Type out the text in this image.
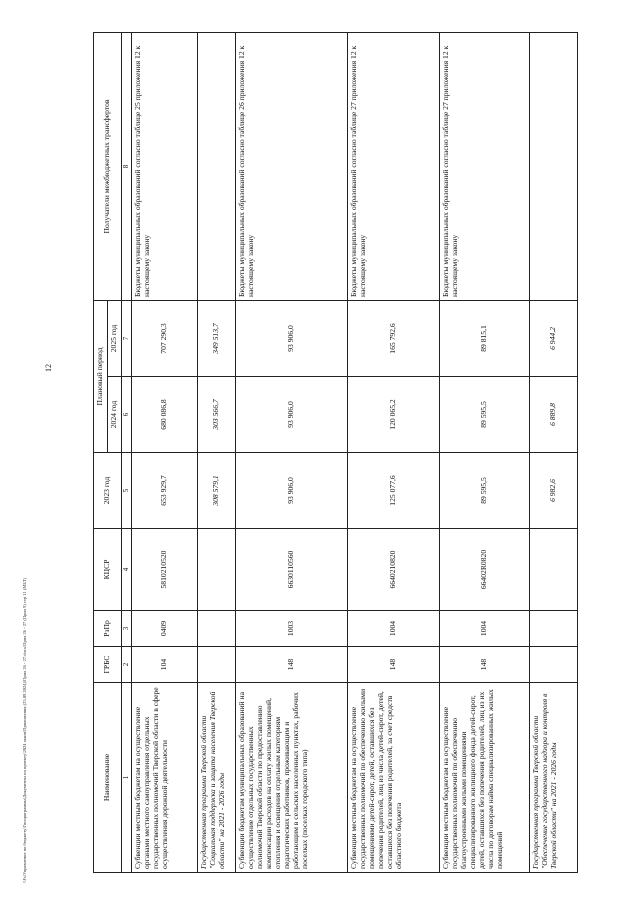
12
\\Fs\Управление по бюджету\Госпрограммы\Документы по проекту\2024 закон\Приложения (23.09.2024)\Прил 26 - 27.docx\Прил 26 - 27 (Прил 9) стр 11 (МБТ)	Наименование	ГРБС	РзПр	КЦСР	2023 год	Плановый период		Получатели межбюджетных трансфертов
					2024 год	2025 год	
1	2	3	4	5	6	7	8
Субвенции местным бюджетам на осуществление органами местного самоуправления отдельных государственных полномочий Тверской области в сфере осуществления дорожной деятельности	104	0409	5810210520	653 929,7	680 086,8	707 290,3	Бюджеты муниципальных образований согласно таблице 25 приложения 12 к настоящему закону
Государственная программа Тверской области "Социальная поддержка и защита населения Тверской области" на 2021 - 2026 годы				308 579,1	303 566,7	349 513,7	
Субвенции бюджетам муниципальных образований на осуществление отдельных государственных полномочий Тверской области по предоставлению компенсации расходов на оплату жилых помещений, отопления и освещения отдельным категориям педагогических работников, проживающим и работающим в сельских населенных пунктах, рабочих поселках (поселках городского типа)	148	1003	6630110560	93 906,0	93 906,0	93 906,0	Бюджеты муниципальных образований согласно таблице 26 приложения 12 к настоящему закону
Субвенции местным бюджетам на осуществление государственных полномочий по обеспечению жилыми помещениями детей-сирот, детей, оставшихся без попечения родителей, лиц из числа детей-сирот, детей, оставшихся без попечения родителей, за счет средств областного бюджета	148	1004	6640210820	125 077,6	120 065,2	165 792,6	Бюджеты муниципальных образований согласно таблице 27 приложения 12 к настоящему закону
Субвенции местным бюджетам на осуществление государственных полномочий по обеспечению благоустроенными жилыми помещениями специализированного жилищного фонда детей-сирот, детей, оставшихся без попечения родителей, лиц из их числа по договорам найма специализированных жилых помещений	148	1004	66402R0820	89 595,5	89 595,5	89 815,1	Бюджеты муниципальных образований согласно таблице 27 приложения 12 к настоящему закону
Государственная программа Тверской области "Обеспечение государственного надзора и контроля в Тверской области" на 2021 - 2026 годы				6 982,6	6 889,8	6 944,2	
